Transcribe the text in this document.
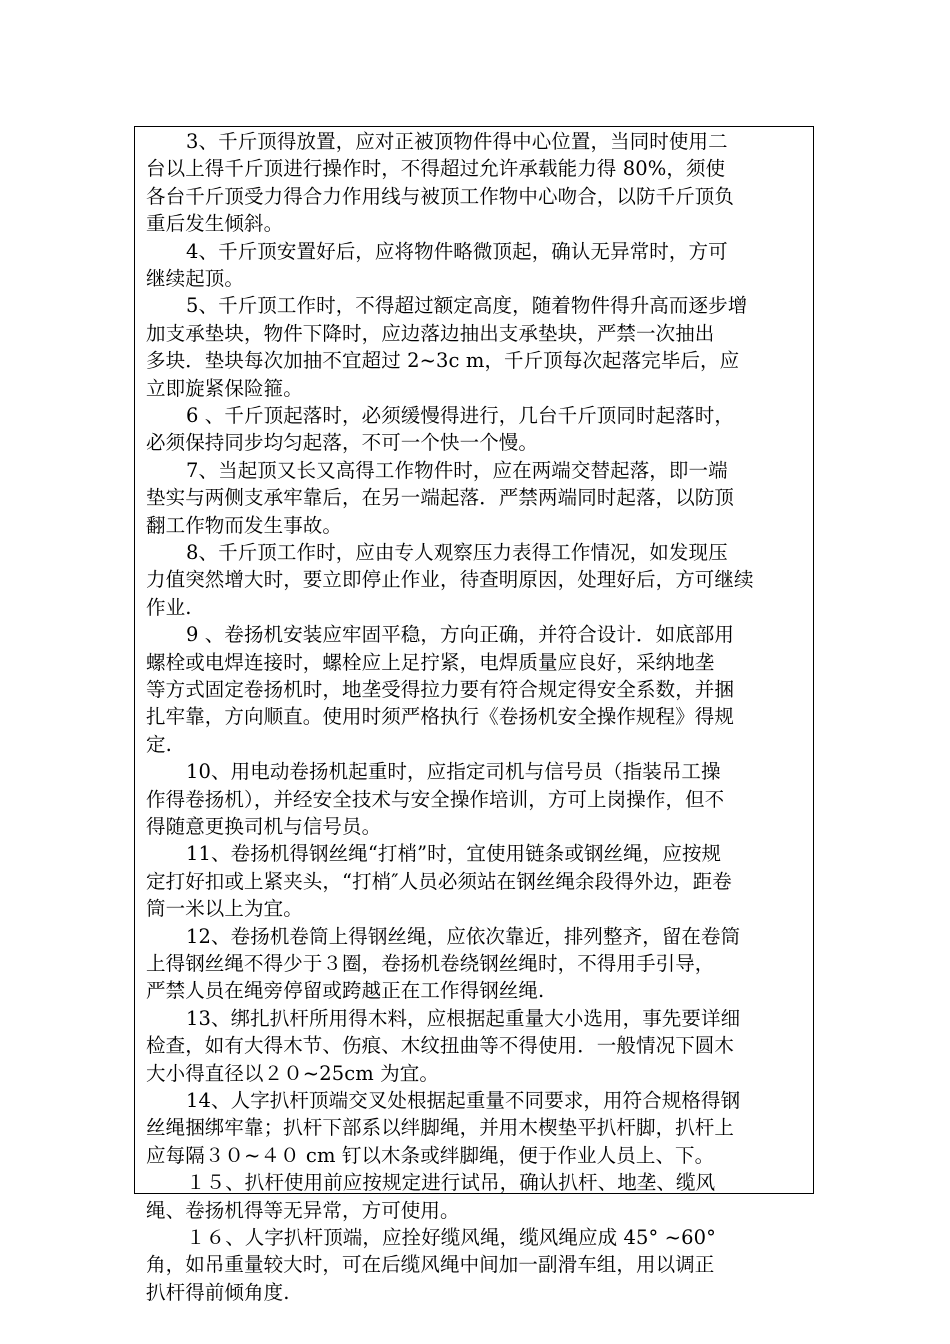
3、千斤顶得放置，应对正被顶物件得中心位置，当同时使用二
台以上得千斤顶进行操作时，不得超过允许承载能力得 80%，须使
各台千斤顶受力得合力作用线与被顶工作物中心吻合，以防千斤顶负
重后发生倾斜。
4、千斤顶安置好后，应将物件略微顶起，确认无异常时，方可
继续起顶。
5、千斤顶工作时，不得超过额定高度，随着物件得升高而逐步增
加支承垫块，物件下降时，应边落边抽出支承垫块，严禁一次抽出
多块．垫块每次加抽不宜超过 2~3c m，千斤顶每次起落完毕后，应
立即旋紧保险箍。
6 、千斤顶起落时，必须缓慢得进行，几台千斤顶同时起落时，
必须保持同步均匀起落，不可一个快一个慢。
7、当起顶又长又高得工作物件时，应在两端交替起落，即一端
垫实与两侧支承牢靠后，在另一端起落．严禁两端同时起落，以防顶
翻工作物而发生事故。
8、千斤顶工作时，应由专人观察压力表得工作情况，如发现压
力值突然增大时，要立即停止作业，待查明原因，处理好后，方可继续
作业.
9 、卷扬机安装应牢固平稳，方向正确，并符合设计．如底部用
螺栓或电焊连接时，螺栓应上足拧紧，电焊质量应良好，采纳地垄
等方式固定卷扬机时，地垄受得拉力要有符合规定得安全系数，并捆
扎牢靠，方向顺直。使用时须严格执行《卷扬机安全操作规程》得规
定.
10、用电动卷扬机起重时，应指定司机与信号员（指装吊工操
作得卷扬机），并经安全技术与安全操作培训，方可上岗操作，但不
得随意更换司机与信号员。
11、卷扬机得钢丝绳“打梢”时，宜使用链条或钢丝绳，应按规
定打好扣或上紧夹头，“打梢″人员必须站在钢丝绳余段得外边，距卷
筒一米以上为宜。
12、卷扬机卷筒上得钢丝绳，应依次靠近，排列整齐，留在卷筒
上得钢丝绳不得少于３圈，卷扬机卷绕钢丝绳时，不得用手引导，
严禁人员在绳旁停留或跨越正在工作得钢丝绳.
13、绑扎扒杆所用得木料，应根据起重量大小选用，事先要详细
检查，如有大得木节、伤痕、木纹扭曲等不得使用．一般情况下圆木
大小得直径以２０~25cm 为宜。
14、人字扒杆顶端交叉处根据起重量不同要求，用符合规格得钢
丝绳捆绑牢靠；扒杆下部系以绊脚绳，并用木楔垫平扒杆脚，扒杆上
应每隔３０~４０ cm 钉以木条或绊脚绳，便于作业人员上、下。
１５、扒杆使用前应按规定进行试吊，确认扒杆、地垄、缆风
绳、卷扬机得等无异常，方可使用。
１６、人字扒杆顶端，应拴好缆风绳，缆风绳应成 45° ~60°
角，如吊重量较大时，可在后缆风绳中间加一副滑车组，用以调正
扒杆得前倾角度.
